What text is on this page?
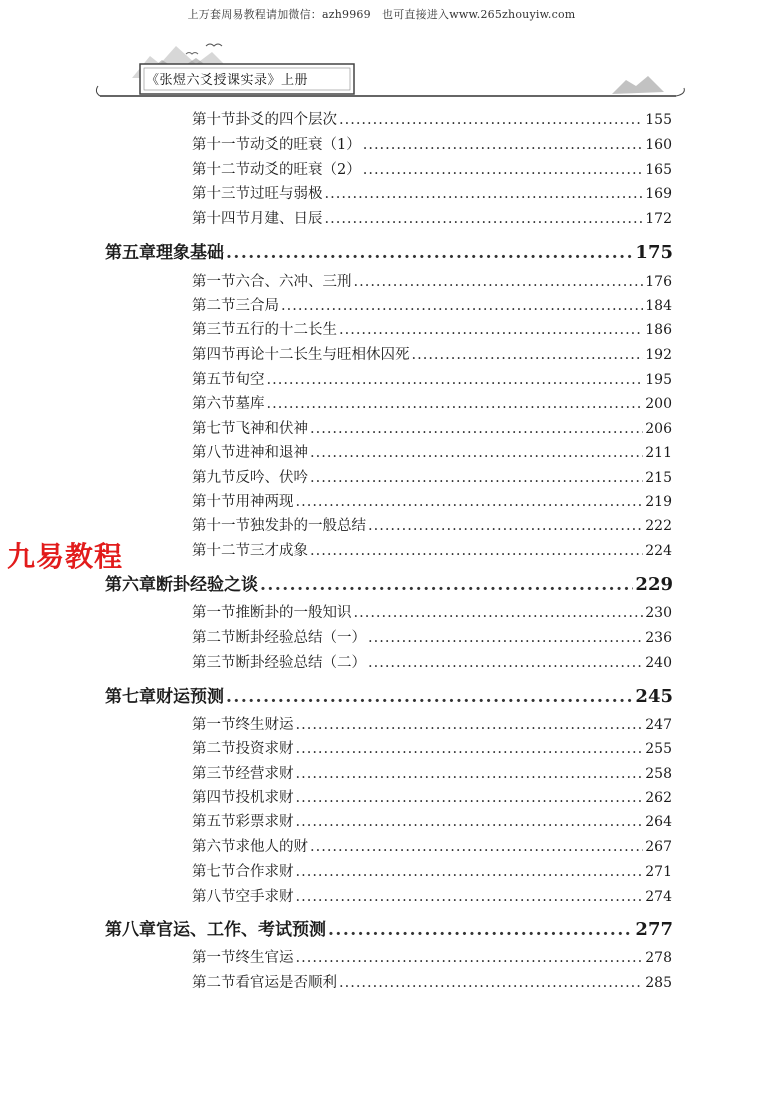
上万套周易教程请加微信：azh9969　也可直接进入www.265zhouyiw.com
《张煜六爻授课实录》上册
九易教程
第十节 卦爻的四个层次 .....	155
第十一节 动爻的旺衰（1） .....	160
第十二节 动爻的旺衰（2） .....	165
第十三节 过旺与弱极 .....	169
第十四节 月建、日辰 .....	172
第五章 理象基础 .....	175
第一节 六合、六冲、三刑 .....	176
第二节 三合局 .....	184
第三节 五行的十二长生 .....	186
第四节 再论十二长生与旺相休囚死 .....	192
第五节 旬空 .....	195
第六节 墓库 .....	200
第七节 飞神和伏神 .....	206
第八节 进神和退神 .....	211
第九节 反吟、伏吟 .....	215
第十节 用神两现 .....	219
第十一节 独发卦的一般总结 .....	222
第十二节 三才成象 .....	224
第六章 断卦经验之谈 .....	229
第一节 推断卦的一般知识 .....	230
第二节 断卦经验总结（一） .....	236
第三节 断卦经验总结（二） .....	240
第七章 财运预测 .....	245
第一节 终生财运 .....	247
第二节 投资求财 .....	255
第三节 经营求财 .....	258
第四节 投机求财 .....	262
第五节 彩票求财 .....	264
第六节 求他人的财 .....	267
第七节 合作求财 .....	271
第八节 空手求财 .....	274
第八章 官运、工作、考试预测 .....	277
第一节 终生官运 .....	278
第二节 看官运是否顺利 .....	285
